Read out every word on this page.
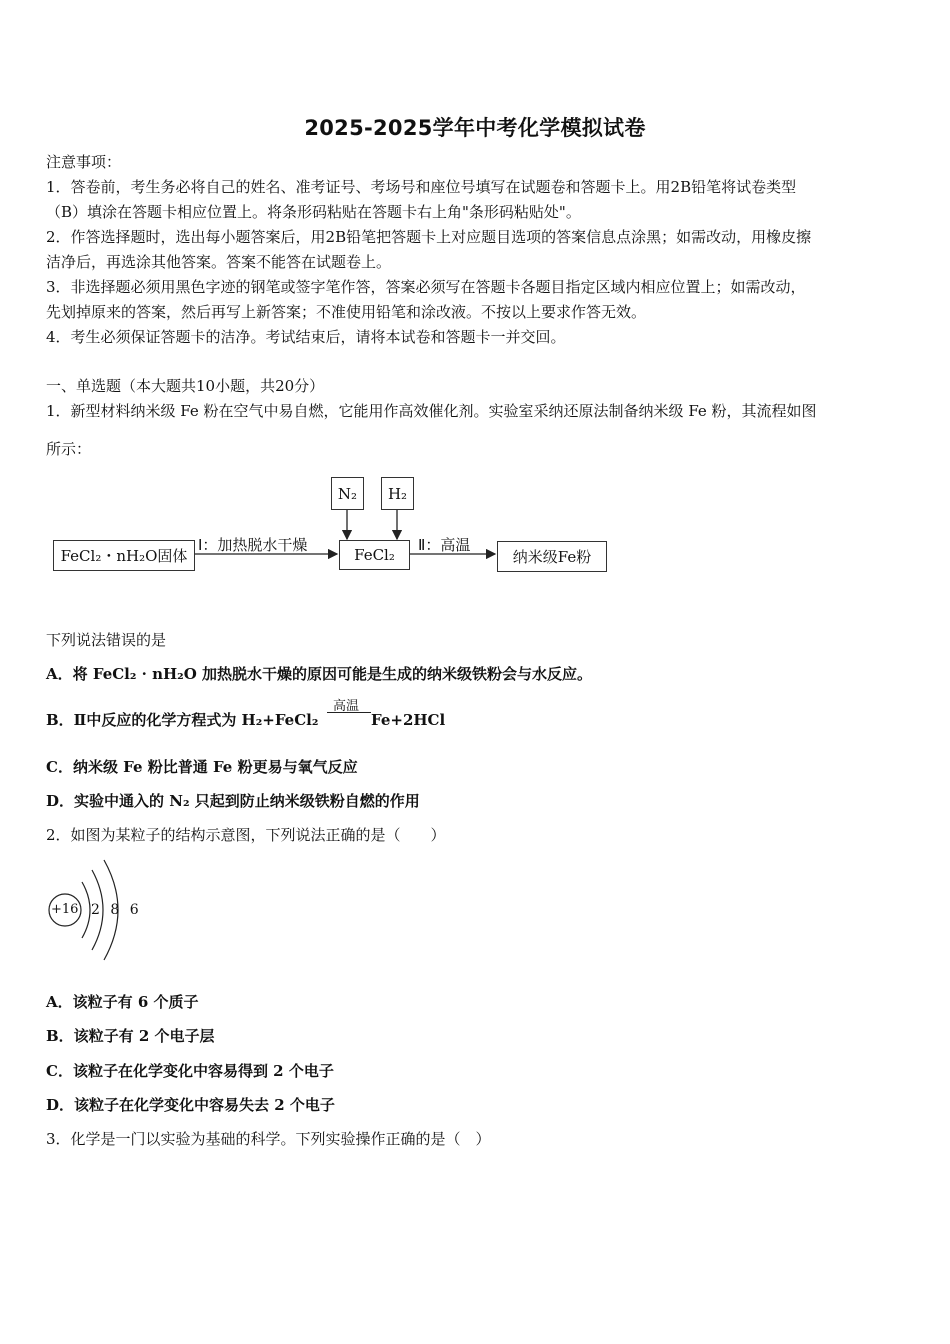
2025-2025学年中考化学模拟试卷
注意事项：
1．答卷前，考生务必将自己的姓名、准考证号、考场号和座位号填写在试题卷和答题卡上。用2B铅笔将试卷类型
（B）填涂在答题卡相应位置上。将条形码粘贴在答题卡右上角"条形码粘贴处"。
2．作答选择题时，选出每小题答案后，用2B铅笔把答题卡上对应题目选项的答案信息点涂黑；如需改动，用橡皮擦
洁净后，再选涂其他答案。答案不能答在试题卷上。
3．非选择题必须用黑色字迹的钢笔或签字笔作答，答案必须写在答题卡各题目指定区域内相应位置上；如需改动，
先划掉原来的答案，然后再写上新答案；不准使用铅笔和涂改液。不按以上要求作答无效。
4．考生必须保证答题卡的洁净。考试结束后，请将本试卷和答题卡一并交回。
一、单选题（本大题共10小题，共20分）
1．新型材料纳米级 Fe 粉在空气中易自燃，它能用作高效催化剂。实验室采纳还原法制备纳米级 Fe 粉，其流程如图
所示：
FeCl₂・nH₂O固体
Ⅰ：加热脱水干燥
FeCl₂
N₂	H₂
Ⅱ：高温
纳米级Fe粉
下列说法错误的是
A．将 FeCl₂ · nH₂O 加热脱水干燥的原因可能是生成的纳米级铁粉会与水反应。
B．Ⅱ中反应的化学方程式为 H₂+FeCl₂
高温
Fe+2HCl
C．纳米级 Fe 粉比普通 Fe 粉更易与氧气反应
D．实验中通入的 N₂ 只起到防止纳米级铁粉自燃的作用
2．如图为某粒子的结构示意图，下列说法正确的是（　　）
+16 2 8 6
A．该粒子有 6 个质子
B．该粒子有 2 个电子层
C．该粒子在化学变化中容易得到 2 个电子
D．该粒子在化学变化中容易失去 2 个电子
3．化学是一门以实验为基础的科学。下列实验操作正确的是（　）
